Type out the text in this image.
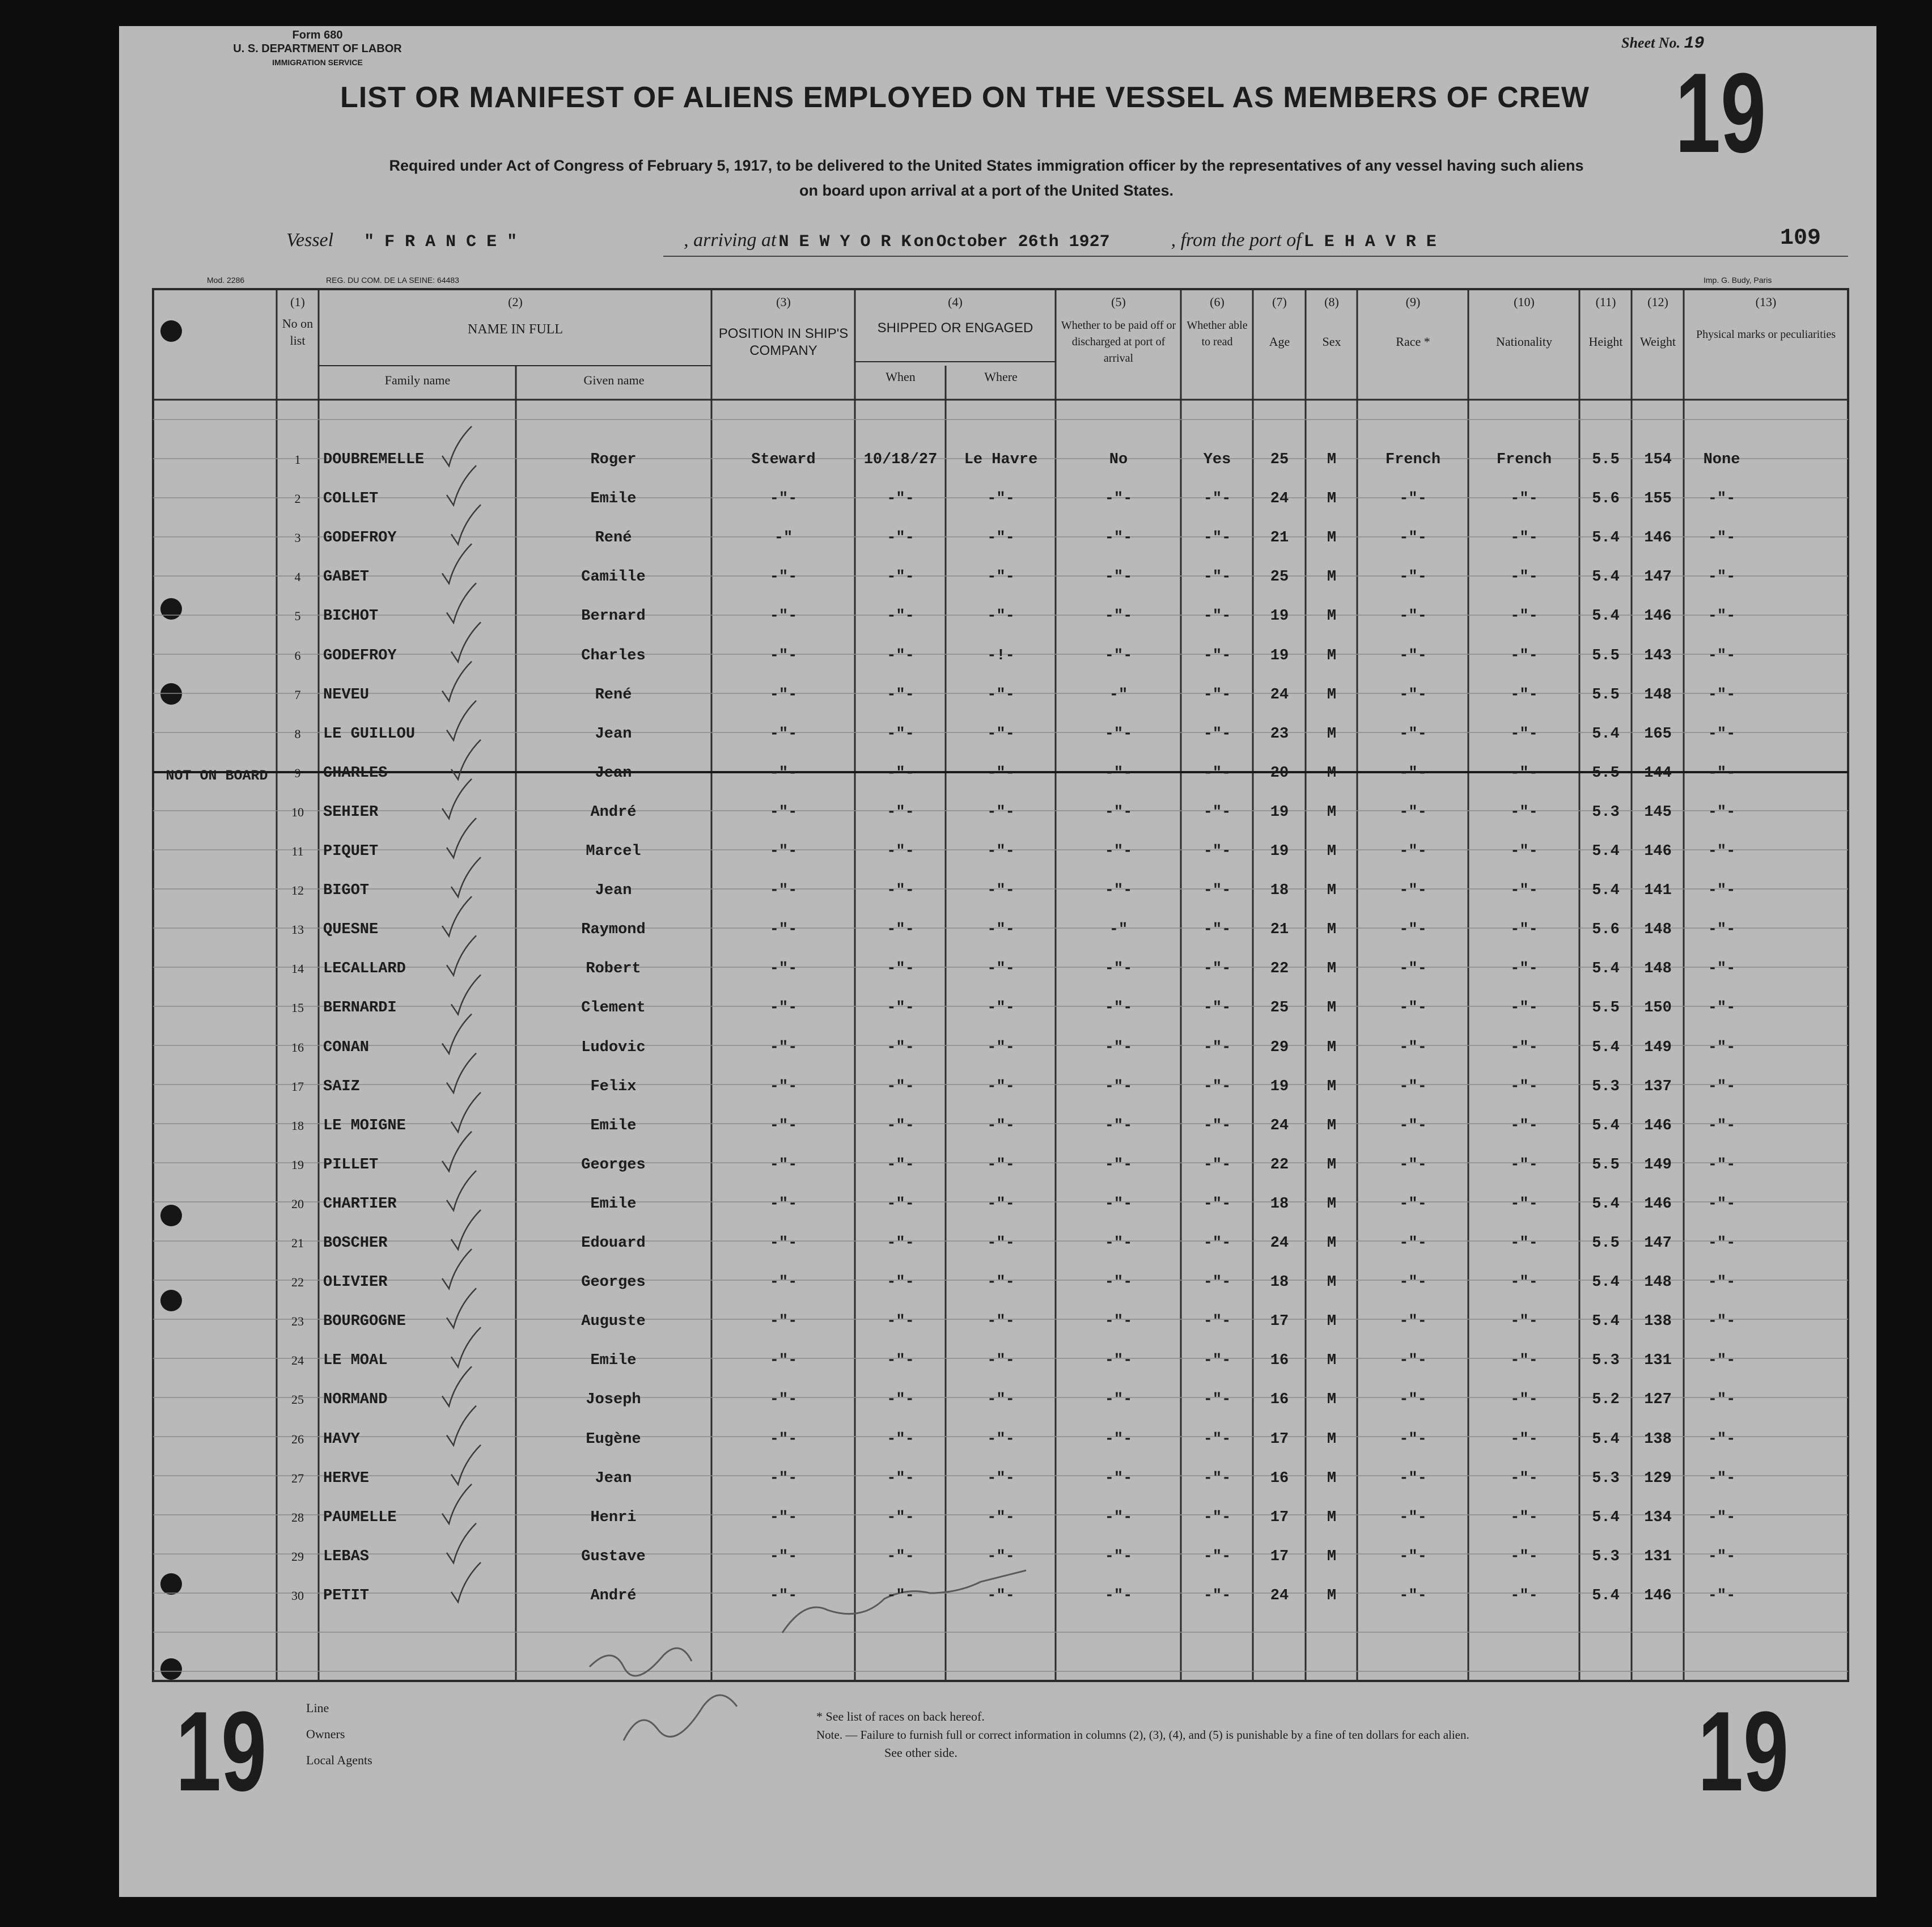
Form 680
U. S. DEPARTMENT OF LABOR
IMMIGRATION SERVICE
Sheet No. 19
LIST OR MANIFEST OF ALIENS EMPLOYED ON THE VESSEL AS MEMBERS OF CREW 19
Required under Act of Congress of February 5, 1917, to be delivered to the United States immigration officer by the representatives of any vessel having such aliens
on board upon arrival at a port of the United States.
Vessel " F R A N C E "	, arriving at N E W Y O R K on October 26th 1927	, from the port of L E H A V R E	109
Mod. 2286	REG. DU COM. DE LA SEINE: 64483	Imp. G. Budy, Paris
(1)
No on list
(2)
NAME IN FULL
Family name	Given name
(3)
POSITION IN SHIP'S COMPANY
(4)
SHIPPED OR ENGAGED
When	Where
(5)
Whether to be paid off or discharged at port of arrival
(6)
Whether able to read
(7)
Age
(8)
Sex
(9)
Race *
(10)
Nationality
(11)
Height
(12)
Weight
(13)
Physical marks or peculiarities
NOT ON BOARD
1	DOUBREMELLE	Roger	Steward	10/18/27	Le Havre	No	Yes	25	M	French	French	5.5	154	None
2	COLLET	Emile	-"-	-"-	-"-	-"-	-"-	24	M	-"-	-"-	5.6	155	-"-
3	GODEFROY	René	-"	-"-	-"-	-"-	-"-	21	M	-"-	-"-	5.4	146	-"-
4	GABET	Camille	-"-	-"-	-"-	-"-	-"-	25	M	-"-	-"-	5.4	147	-"-
5	BICHOT	Bernard	-"-	-"-	-"-	-"-	-"-	19	M	-"-	-"-	5.4	146	-"-
6	GODEFROY	Charles	-"-	-"-	-!-	-"-	-"-	19	M	-"-	-"-	5.5	143	-"-
7	NEVEU	René	-"-	-"-	-"-	-"	-"-	24	M	-"-	-"-	5.5	148	-"-
8	LE GUILLOU	Jean	-"-	-"-	-"-	-"-	-"-	23	M	-"-	-"-	5.4	165	-"-
9	CHARLES	Jean	-"-	-"-	-"-	-"-	-"-	20	M	-"-	-"-	5.5	144	-"-
10	SEHIER	André	-"-	-"-	-"-	-"-	-"-	19	M	-"-	-"-	5.3	145	-"-
11	PIQUET	Marcel	-"-	-"-	-"-	-"-	-"-	19	M	-"-	-"-	5.4	146	-"-
12	BIGOT	Jean	-"-	-"-	-"-	-"-	-"-	18	M	-"-	-"-	5.4	141	-"-
13	QUESNE	Raymond	-"-	-"-	-"-	-"	-"-	21	M	-"-	-"-	5.6	148	-"-
14	LECALLARD	Robert	-"-	-"-	-"-	-"-	-"-	22	M	-"-	-"-	5.4	148	-"-
15	BERNARDI	Clement	-"-	-"-	-"-	-"-	-"-	25	M	-"-	-"-	5.5	150	-"-
16	CONAN	Ludovic	-"-	-"-	-"-	-"-	-"-	29	M	-"-	-"-	5.4	149	-"-
17	SAIZ	Felix	-"-	-"-	-"-	-"-	-"-	19	M	-"-	-"-	5.3	137	-"-
18	LE MOIGNE	Emile	-"-	-"-	-"-	-"-	-"-	24	M	-"-	-"-	5.4	146	-"-
19	PILLET	Georges	-"-	-"-	-"-	-"-	-"-	22	M	-"-	-"-	5.5	149	-"-
20	CHARTIER	Emile	-"-	-"-	-"-	-"-	-"-	18	M	-"-	-"-	5.4	146	-"-
21	BOSCHER	Edouard	-"-	-"-	-"-	-"-	-"-	24	M	-"-	-"-	5.5	147	-"-
22	OLIVIER	Georges	-"-	-"-	-"-	-"-	-"-	18	M	-"-	-"-	5.4	148	-"-
23	BOURGOGNE	Auguste	-"-	-"-	-"-	-"-	-"-	17	M	-"-	-"-	5.4	138	-"-
24	LE MOAL	Emile	-"-	-"-	-"-	-"-	-"-	16	M	-"-	-"-	5.3	131	-"-
25	NORMAND	Joseph	-"-	-"-	-"-	-"-	-"-	16	M	-"-	-"-	5.2	127	-"-
26	HAVY	Eugène	-"-	-"-	-"-	-"-	-"-	17	M	-"-	-"-	5.4	138	-"-
27	HERVE	Jean	-"-	-"-	-"-	-"-	-"-	16	M	-"-	-"-	5.3	129	-"-
28	PAUMELLE	Henri	-"-	-"-	-"-	-"-	-"-	17	M	-"-	-"-	5.4	134	-"-
29	LEBAS	Gustave	-"-	-"-	-"-	-"-	-"-	17	M	-"-	-"-	5.3	131	-"-
30	PETIT	André	-"-	-"-	-"-	-"-	-"-	24	M	-"-	-"-	5.4	146	-"-
19	19
Line
Owners
Local Agents
* See list of races on back hereof.
Note. — Failure to furnish full or correct information in columns (2), (3), (4), and (5) is punishable by a fine of ten dollars for each alien.
See other side.
